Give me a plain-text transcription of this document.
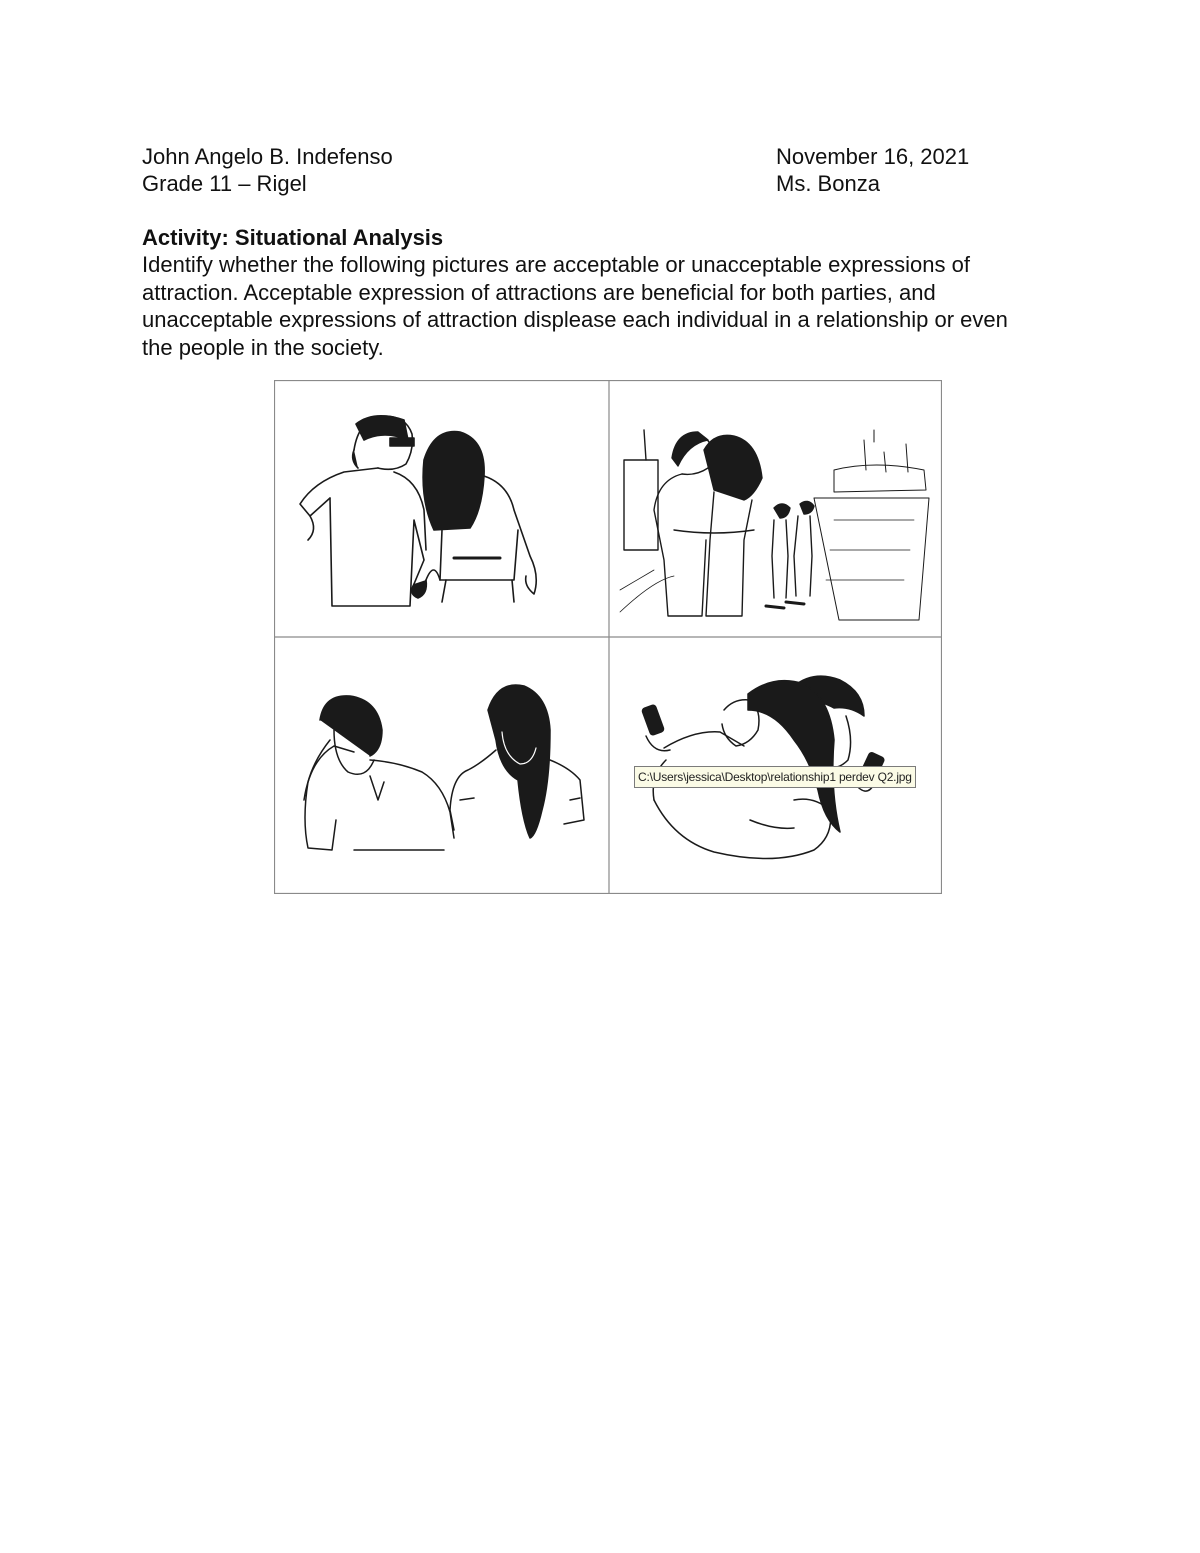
John Angelo B. Indefenso
Grade 11 – Rigel
November 16, 2021
Ms. Bonza
Activity: Situational Analysis
Identify whether the following pictures are acceptable or unacceptable expressions of attraction. Acceptable expression of attractions are beneficial for both parties, and unacceptable expressions of attraction displease each individual in a relationship or even the people in the society.
C:\Users\jessica\Desktop\relationship1 perdev Q2.jpg
